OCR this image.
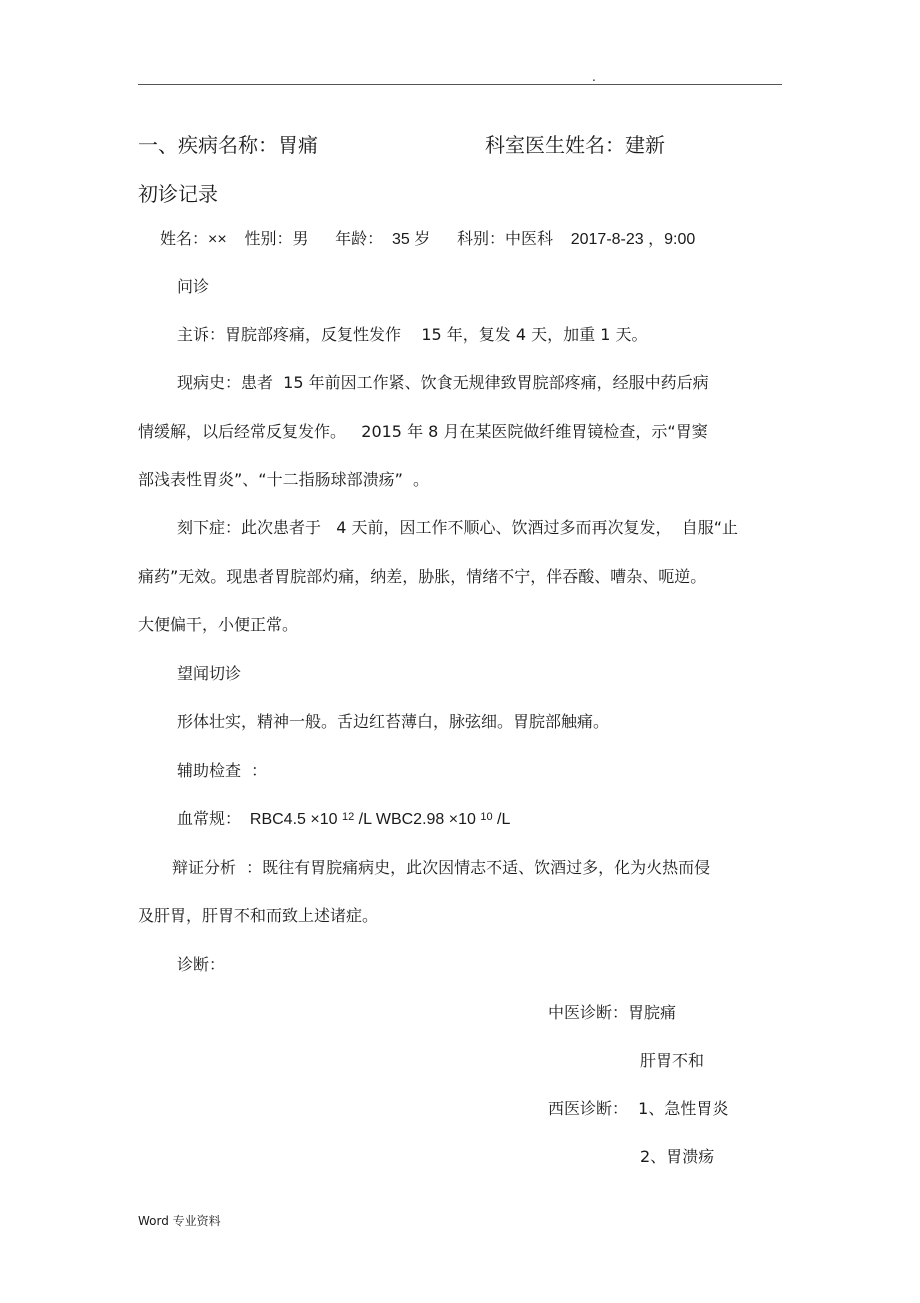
.
一、疾病名称：胃痛	科室医生姓名：建新
初诊记录
姓名：××    性别：男      年龄：  35 岁      科别：中医科    2017-8-23 ，9:00
问诊
主诉：胃脘部疼痛，反复性发作    15 年，复发 4 天，加重 1 天。
现病史：患者  15 年前因工作紧、饮食无规律致胃脘部疼痛，经服中药后病
情缓解，以后经常反复发作。   2015 年 8 月在某医院做纤维胃镜检查，示“胃窦
部浅表性胃炎”、“十二指肠球部溃疡”  。
刻下症：此次患者于   4 天前，因工作不顺心、饮酒过多而再次复发，  自服“止
痛药”无效。现患者胃脘部灼痛，纳差，胁胀，情绪不宁，伴吞酸、嘈杂、呃逆。
大便偏干，小便正常。
望闻切诊
形体壮实，精神一般。舌边红苔薄白，脉弦细。胃脘部触痛。
辅助检查  ：
血常规：  RBC4.5 ×10 $^{12}$ /L WBC2.98 ×10 $^{10}$ /L
辩证分析  ：既往有胃脘痛病史，此次因情志不适、饮酒过多，化为火热而侵
及肝胃，肝胃不和而致上述诸症。
诊断：
中医诊断：胃脘痛
肝胃不和
西医诊断：  1、急性胃炎
2、胃溃疡
Word 专业资料
